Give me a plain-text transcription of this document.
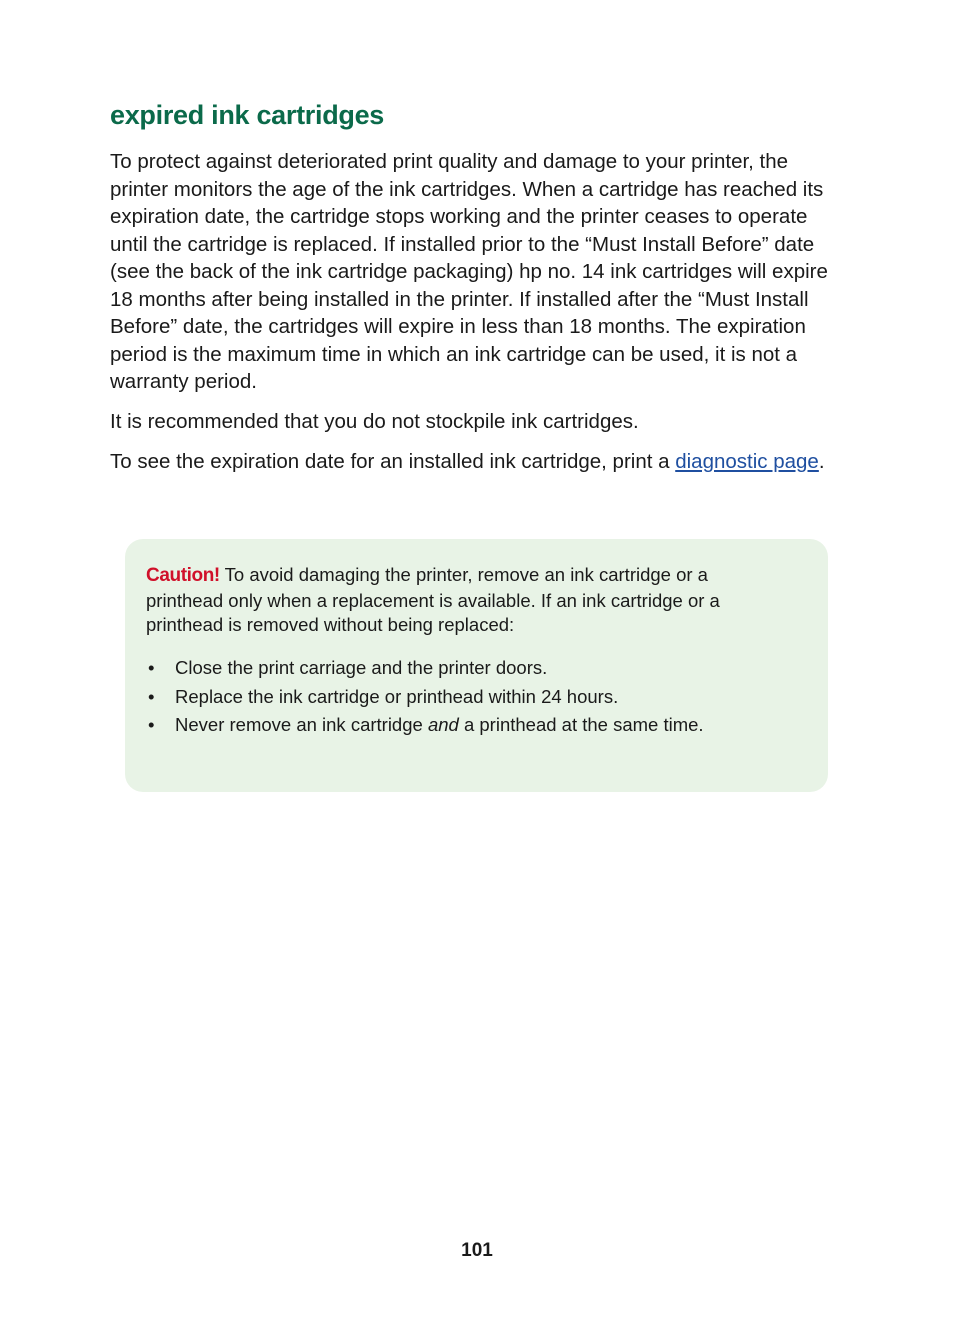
expired ink cartridges

To protect against deteriorated print quality and damage to your printer, the printer monitors the age of the ink cartridges. When a cartridge has reached its expiration date, the cartridge stops working and the printer ceases to operate until the cartridge is replaced. If installed prior to the “Must Install Before” date (see the back of the ink cartridge packaging) hp no. 14 ink cartridges will expire 18 months after being installed in the printer. If installed after the “Must Install Before” date, the cartridges will expire in less than 18 months. The expiration period is the maximum time in which an ink cartridge can be used, it is not a warranty period.

It is recommended that you do not stockpile ink cartridges.

To see the expiration date for an installed ink cartridge, print a diagnostic page.

Caution! To avoid damaging the printer, remove an ink cartridge or a printhead only when a replacement is available. If an ink cartridge or a printhead is removed without being replaced:

• Close the print carriage and the printer doors.
• Replace the ink cartridge or printhead within 24 hours.
• Never remove an ink cartridge and a printhead at the same time.
101
